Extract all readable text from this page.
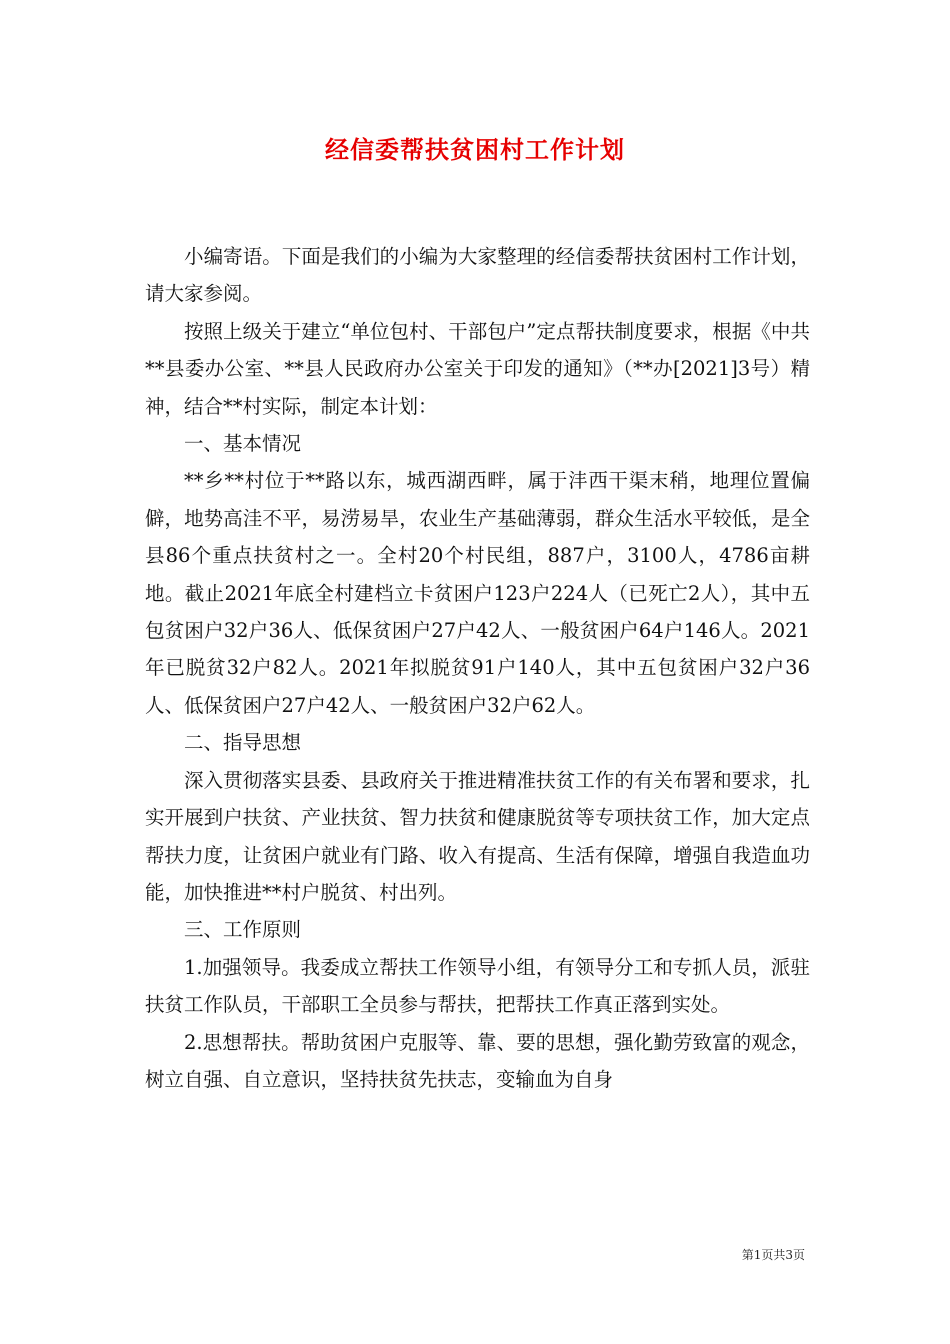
经信委帮扶贫困村工作计划

小编寄语。下面是我们的小编为大家整理的经信委帮扶贫困村工作计划，请大家参阅。

按照上级关于建立“单位包村、干部包户”定点帮扶制度要求，根据《中共**县委办公室、**县人民政府办公室关于印发的通知》（**办[2021]3号）精神，结合**村实际，制定本计划：

一、基本情况

**乡**村位于**路以东，城西湖西畔，属于沣西干渠末稍，地理位置偏僻，地势高洼不平，易涝易旱，农业生产基础薄弱，群众生活水平较低，是全县86个重点扶贫村之一。全村20个村民组，887户，3100人，4786亩耕地。截止2021年底全村建档立卡贫困户123户224人（已死亡2人），其中五包贫困户32户36人、低保贫困户27户42人、一般贫困户64户146人。2021年已脱贫32户82人。2021年拟脱贫91户140人，其中五包贫困户32户36人、低保贫困户27户42人、一般贫困户32户62人。

二、指导思想

深入贯彻落实县委、县政府关于推进精准扶贫工作的有关布署和要求，扎实开展到户扶贫、产业扶贫、智力扶贫和健康脱贫等专项扶贫工作，加大定点帮扶力度，让贫困户就业有门路、收入有提高、生活有保障，增强自我造血功能，加快推进**村户脱贫、村出列。

三、工作原则

1.加强领导。我委成立帮扶工作领导小组，有领导分工和专抓人员，派驻扶贫工作队员，干部职工全员参与帮扶，把帮扶工作真正落到实处。

2.思想帮扶。帮助贫困户克服等、靠、要的思想，强化勤劳致富的观念，树立自强、自立意识，坚持扶贫先扶志，变输血为自身

第1页共3页
